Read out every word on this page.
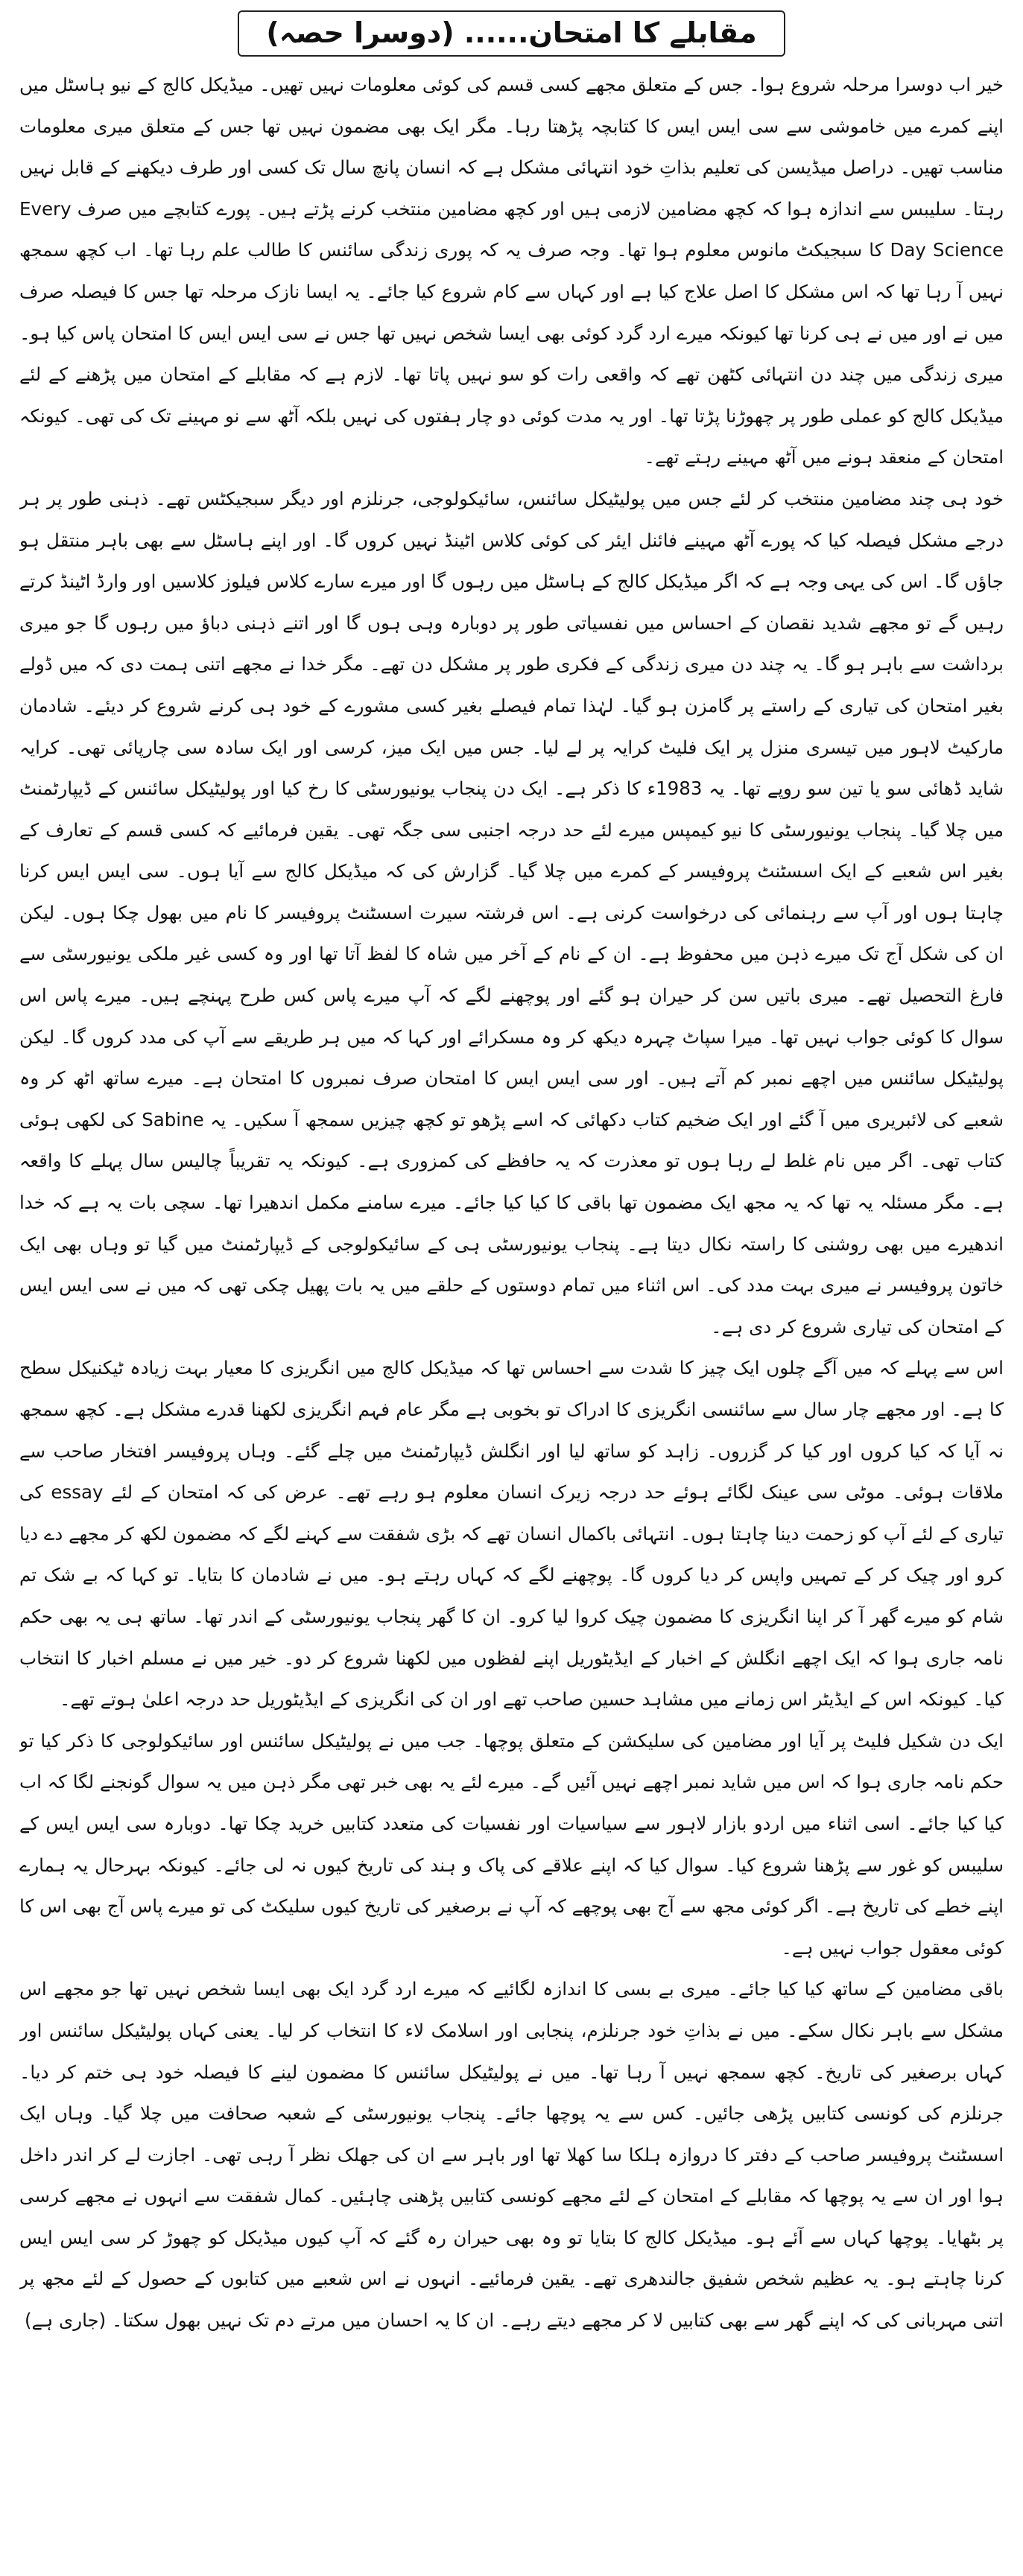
مقابلے کا امتحان...... (دوسرا حصہ)

خیر اب دوسرا مرحلہ شروع ہوا۔ جس کے متعلق مجھے کسی قسم کی کوئی معلومات نہیں تھیں۔ میڈیکل کالج کے نیو ہاسٹل میں اپنے کمرے میں خاموشی سے سی ایس ایس کا کتابچہ پڑھتا رہا۔ مگر ایک بھی مضمون نہیں تھا جس کے متعلق میری معلومات مناسب تھیں۔ دراصل میڈیسن کی تعلیم بذاتِ خود انتہائی مشکل ہے کہ انسان پانچ سال تک کسی اور طرف دیکھنے کے قابل نہیں رہتا۔ سلیبس سے اندازہ ہوا کہ کچھ مضامین لازمی ہیں اور کچھ مضامین منتخب کرنے پڑتے ہیں۔ پورے کتابچے میں صرف Every Day Science کا سبجیکٹ مانوس معلوم ہوا تھا۔ وجہ صرف یہ کہ پوری زندگی سائنس کا طالب علم رہا تھا۔ اب کچھ سمجھ نہیں آ رہا تھا کہ اس مشکل کا اصل علاج کیا ہے اور کہاں سے کام شروع کیا جائے۔ یہ ایسا نازک مرحلہ تھا جس کا فیصلہ صرف میں نے اور میں نے ہی کرنا تھا کیونکہ میرے ارد گرد کوئی بھی ایسا شخص نہیں تھا جس نے سی ایس ایس کا امتحان پاس کیا ہو۔ میری زندگی میں چند دن انتہائی کٹھن تھے کہ واقعی رات کو سو نہیں پاتا تھا۔ لازم ہے کہ مقابلے کے امتحان میں پڑھنے کے لئے میڈیکل کالج کو عملی طور پر چھوڑنا پڑتا تھا۔ اور یہ مدت کوئی دو چار ہفتوں کی نہیں بلکہ آٹھ سے نو مہینے تک کی تھی۔ کیونکہ امتحان کے منعقد ہونے میں آٹھ مہینے رہتے تھے۔

خود ہی چند مضامین منتخب کر لئے جس میں پولیٹیکل سائنس، سائیکولوجی، جرنلزم اور دیگر سبجیکٹس تھے۔ ذہنی طور پر ہر درجے مشکل فیصلہ کیا کہ پورے آٹھ مہینے فائنل ایئر کی کوئی کلاس اٹینڈ نہیں کروں گا۔ اور اپنے ہاسٹل سے بھی باہر منتقل ہو جاؤں گا۔ اس کی یہی وجہ ہے کہ اگر میڈیکل کالج کے ہاسٹل میں رہوں گا اور میرے سارے کلاس فیلوز کلاسیں اور وارڈ اٹینڈ کرتے رہیں گے تو مجھے شدید نقصان کے احساس میں نفسیاتی طور پر دوبارہ وہی ہوں گا اور اتنے ذہنی دباؤ میں رہوں گا جو میری برداشت سے باہر ہو گا۔ یہ چند دن میری زندگی کے فکری طور پر مشکل دن تھے۔ مگر خدا نے مجھے اتنی ہمت دی کہ میں ڈولے بغیر امتحان کی تیاری کے راستے پر گامزن ہو گیا۔ لہٰذا تمام فیصلے بغیر کسی مشورے کے خود ہی کرنے شروع کر دیئے۔ شادمان مارکیٹ لاہور میں تیسری منزل پر ایک فلیٹ کرایہ پر لے لیا۔ جس میں ایک میز، کرسی اور ایک سادہ سی چارپائی تھی۔ کرایہ شاید ڈھائی سو یا تین سو روپے تھا۔ یہ 1983ء کا ذکر ہے۔ ایک دن پنجاب یونیورسٹی کا رخ کیا اور پولیٹیکل سائنس کے ڈیپارٹمنٹ میں چلا گیا۔ پنجاب یونیورسٹی کا نیو کیمپس میرے لئے حد درجہ اجنبی سی جگہ تھی۔ یقین فرمائیے کہ کسی قسم کے تعارف کے بغیر اس شعبے کے ایک اسسٹنٹ پروفیسر کے کمرے میں چلا گیا۔ گزارش کی کہ میڈیکل کالج سے آیا ہوں۔ سی ایس ایس کرنا چاہتا ہوں اور آپ سے رہنمائی کی درخواست کرنی ہے۔ اس فرشتہ سیرت اسسٹنٹ پروفیسر کا نام میں بھول چکا ہوں۔ لیکن ان کی شکل آج تک میرے ذہن میں محفوظ ہے۔ ان کے نام کے آخر میں شاہ کا لفظ آتا تھا اور وہ کسی غیر ملکی یونیورسٹی سے فارغ التحصیل تھے۔ میری باتیں سن کر حیران ہو گئے اور پوچھنے لگے کہ آپ میرے پاس کس طرح پہنچے ہیں۔ میرے پاس اس سوال کا کوئی جواب نہیں تھا۔ میرا سپاٹ چہرہ دیکھ کر وہ مسکرائے اور کہا کہ میں ہر طریقے سے آپ کی مدد کروں گا۔ لیکن پولیٹیکل سائنس میں اچھے نمبر کم آتے ہیں۔ اور سی ایس ایس کا امتحان صرف نمبروں کا امتحان ہے۔ میرے ساتھ اٹھ کر وہ شعبے کی لائبریری میں آ گئے اور ایک ضخیم کتاب دکھائی کہ اسے پڑھو تو کچھ چیزیں سمجھ آ سکیں۔ یہ Sabine کی لکھی ہوئی کتاب تھی۔ اگر میں نام غلط لے رہا ہوں تو معذرت کہ یہ حافظے کی کمزوری ہے۔ کیونکہ یہ تقریباً چالیس سال پہلے کا واقعہ ہے۔ مگر مسئلہ یہ تھا کہ یہ مجھ ایک مضمون تھا باقی کا کیا کیا جائے۔ میرے سامنے مکمل اندھیرا تھا۔ سچی بات یہ ہے کہ خدا اندھیرے میں بھی روشنی کا راستہ نکال دیتا ہے۔ پنجاب یونیورسٹی ہی کے سائیکولوجی کے ڈیپارٹمنٹ میں گیا تو وہاں بھی ایک خاتون پروفیسر نے میری بہت مدد کی۔ اس اثناء میں تمام دوستوں کے حلقے میں یہ بات پھیل چکی تھی کہ میں نے سی ایس ایس کے امتحان کی تیاری شروع کر دی ہے۔

اس سے پہلے کہ میں آگے چلوں ایک چیز کا شدت سے احساس تھا کہ میڈیکل کالج میں انگریزی کا معیار بہت زیادہ ٹیکنیکل سطح کا ہے۔ اور مجھے چار سال سے سائنسی انگریزی کا ادراک تو بخوبی ہے مگر عام فہم انگریزی لکھنا قدرے مشکل ہے۔ کچھ سمجھ نہ آیا کہ کیا کروں اور کیا کر گزروں۔ زاہد کو ساتھ لیا اور انگلش ڈیپارٹمنٹ میں چلے گئے۔ وہاں پروفیسر افتخار صاحب سے ملاقات ہوئی۔ موٹی سی عینک لگائے ہوئے حد درجہ زیرک انسان معلوم ہو رہے تھے۔ عرض کی کہ امتحان کے لئے essay کی تیاری کے لئے آپ کو زحمت دینا چاہتا ہوں۔ انتہائی باکمال انسان تھے کہ بڑی شفقت سے کہنے لگے کہ مضمون لکھ کر مجھے دے دیا کرو اور چیک کر کے تمہیں واپس کر دیا کروں گا۔ پوچھنے لگے کہ کہاں رہتے ہو۔ میں نے شادمان کا بتایا۔ تو کہا کہ بے شک تم شام کو میرے گھر آ کر اپنا انگریزی کا مضمون چیک کروا لیا کرو۔ ان کا گھر پنجاب یونیورسٹی کے اندر تھا۔ ساتھ ہی یہ بھی حکم نامہ جاری ہوا کہ ایک اچھے انگلش کے اخبار کے ایڈیٹوریل اپنے لفظوں میں لکھنا شروع کر دو۔ خیر میں نے مسلم اخبار کا انتخاب کیا۔ کیونکہ اس کے ایڈیٹر اس زمانے میں مشاہد حسین صاحب تھے اور ان کی انگریزی کے ایڈیٹوریل حد درجہ اعلیٰ ہوتے تھے۔

ایک دن شکیل فلیٹ پر آیا اور مضامین کی سلیکشن کے متعلق پوچھا۔ جب میں نے پولیٹیکل سائنس اور سائیکولوجی کا ذکر کیا تو حکم نامہ جاری ہوا کہ اس میں شاید نمبر اچھے نہیں آئیں گے۔ میرے لئے یہ بھی خبر تھی مگر ذہن میں یہ سوال گونجنے لگا کہ اب کیا کیا جائے۔ اسی اثناء میں اردو بازار لاہور سے سیاسیات اور نفسیات کی متعدد کتابیں خرید چکا تھا۔ دوبارہ سی ایس ایس کے سلیبس کو غور سے پڑھنا شروع کیا۔ سوال کیا کہ اپنے علاقے کی پاک و ہند کی تاریخ کیوں نہ لی جائے۔ کیونکہ بہرحال یہ ہمارے اپنے خطے کی تاریخ ہے۔ اگر کوئی مجھ سے آج بھی پوچھے کہ آپ نے برصغیر کی تاریخ کیوں سلیکٹ کی تو میرے پاس آج بھی اس کا کوئی معقول جواب نہیں ہے۔

باقی مضامین کے ساتھ کیا کیا جائے۔ میری بے بسی کا اندازہ لگائیے کہ میرے ارد گرد ایک بھی ایسا شخص نہیں تھا جو مجھے اس مشکل سے باہر نکال سکے۔ میں نے بذاتِ خود جرنلزم، پنجابی اور اسلامک لاء کا انتخاب کر لیا۔ یعنی کہاں پولیٹیکل سائنس اور کہاں برصغیر کی تاریخ۔ کچھ سمجھ نہیں آ رہا تھا۔ میں نے پولیٹیکل سائنس کا مضمون لینے کا فیصلہ خود ہی ختم کر دیا۔ جرنلزم کی کونسی کتابیں پڑھی جائیں۔ کس سے یہ پوچھا جائے۔ پنجاب یونیورسٹی کے شعبہ صحافت میں چلا گیا۔ وہاں ایک اسسٹنٹ پروفیسر صاحب کے دفتر کا دروازہ ہلکا سا کھلا تھا اور باہر سے ان کی جھلک نظر آ رہی تھی۔ اجازت لے کر اندر داخل ہوا اور ان سے یہ پوچھا کہ مقابلے کے امتحان کے لئے مجھے کونسی کتابیں پڑھنی چاہئیں۔ کمال شفقت سے انہوں نے مجھے کرسی پر بٹھایا۔ پوچھا کہاں سے آئے ہو۔ میڈیکل کالج کا بتایا تو وہ بھی حیران رہ گئے کہ آپ کیوں میڈیکل کو چھوڑ کر سی ایس ایس کرنا چاہتے ہو۔ یہ عظیم شخص شفیق جالندھری تھے۔ یقین فرمائیے۔ انہوں نے اس شعبے میں کتابوں کے حصول کے لئے مجھ پر اتنی مہربانی کی کہ اپنے گھر سے بھی کتابیں لا کر مجھے دیتے رہے۔ ان کا یہ احسان میں مرتے دم تک نہیں بھول سکتا۔ (جاری ہے)
